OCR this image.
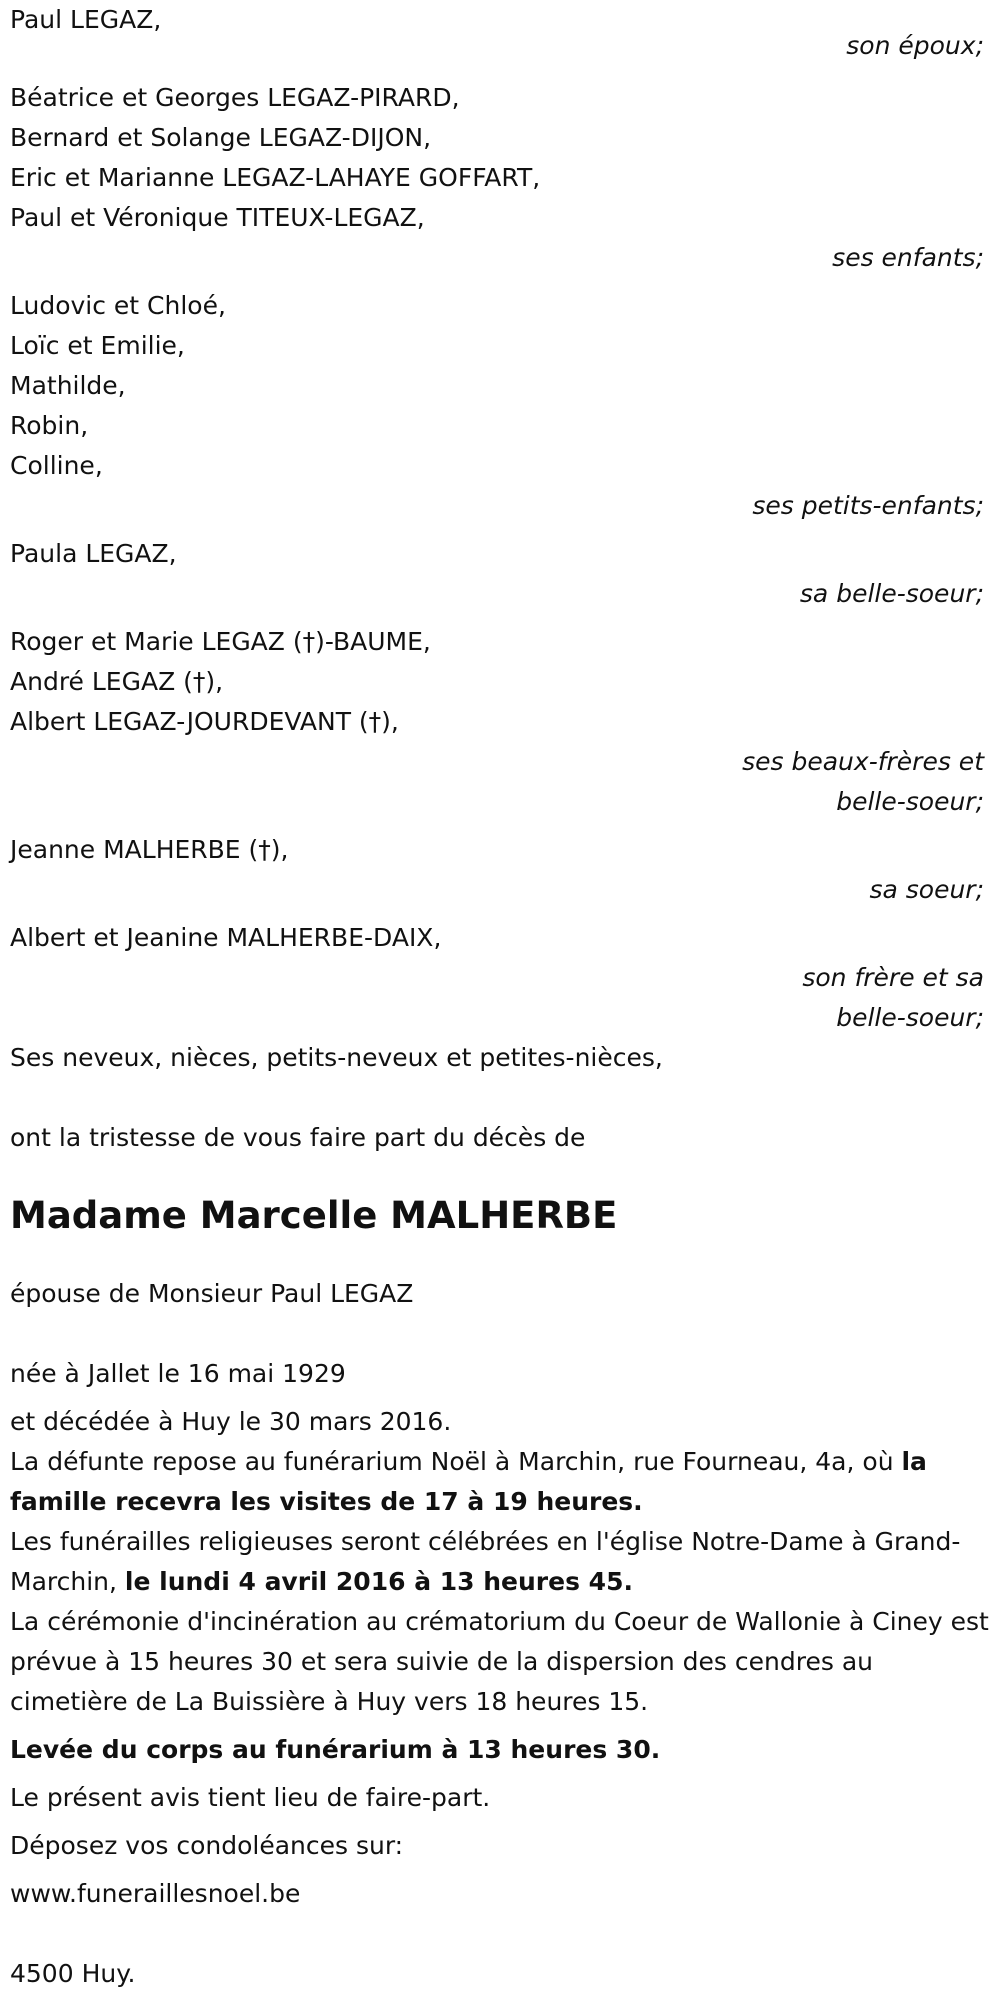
Paul LEGAZ,
son époux;
Béatrice et Georges LEGAZ-PIRARD,
Bernard et Solange LEGAZ-DIJON,
Eric et Marianne LEGAZ-LAHAYE GOFFART,
Paul et Véronique TITEUX-LEGAZ,
ses enfants;
Ludovic et Chloé,
Loïc et Emilie,
Mathilde,
Robin,
Colline,
ses petits-enfants;
Paula LEGAZ,
sa belle-soeur;
Roger et Marie LEGAZ (†)-BAUME,
André LEGAZ (†),
Albert LEGAZ-JOURDEVANT (†),
ses beaux-frères et
belle-soeur;
Jeanne MALHERBE (†),
sa soeur;
Albert et Jeanine MALHERBE-DAIX,
son frère et sa
belle-soeur;
Ses neveux, nièces, petits-neveux et petites-nièces,
ont la tristesse de vous faire part du décès de
Madame Marcelle MALHERBE
épouse de Monsieur Paul LEGAZ
née à Jallet le 16 mai 1929
et décédée à Huy le 30 mars 2016.

La défunte repose au funérarium Noël à Marchin, rue Fourneau, 4a, où la famille recevra les visites de 17 à 19 heures.

Les funérailles religieuses seront célébrées en l'église Notre-Dame à Grand-Marchin, le lundi 4 avril 2016 à 13 heures 45.

La cérémonie d'incinération au crématorium du Coeur de Wallonie à Ciney est prévue à 15 heures 30 et sera suivie de la dispersion des cendres au cimetière de La Buissière à Huy vers 18 heures 15.

Levée du corps au funérarium à 13 heures 30.
Le présent avis tient lieu de faire-part.
Déposez vos condoléances sur:
www.funeraillesnoel.be
4500 Huy.
